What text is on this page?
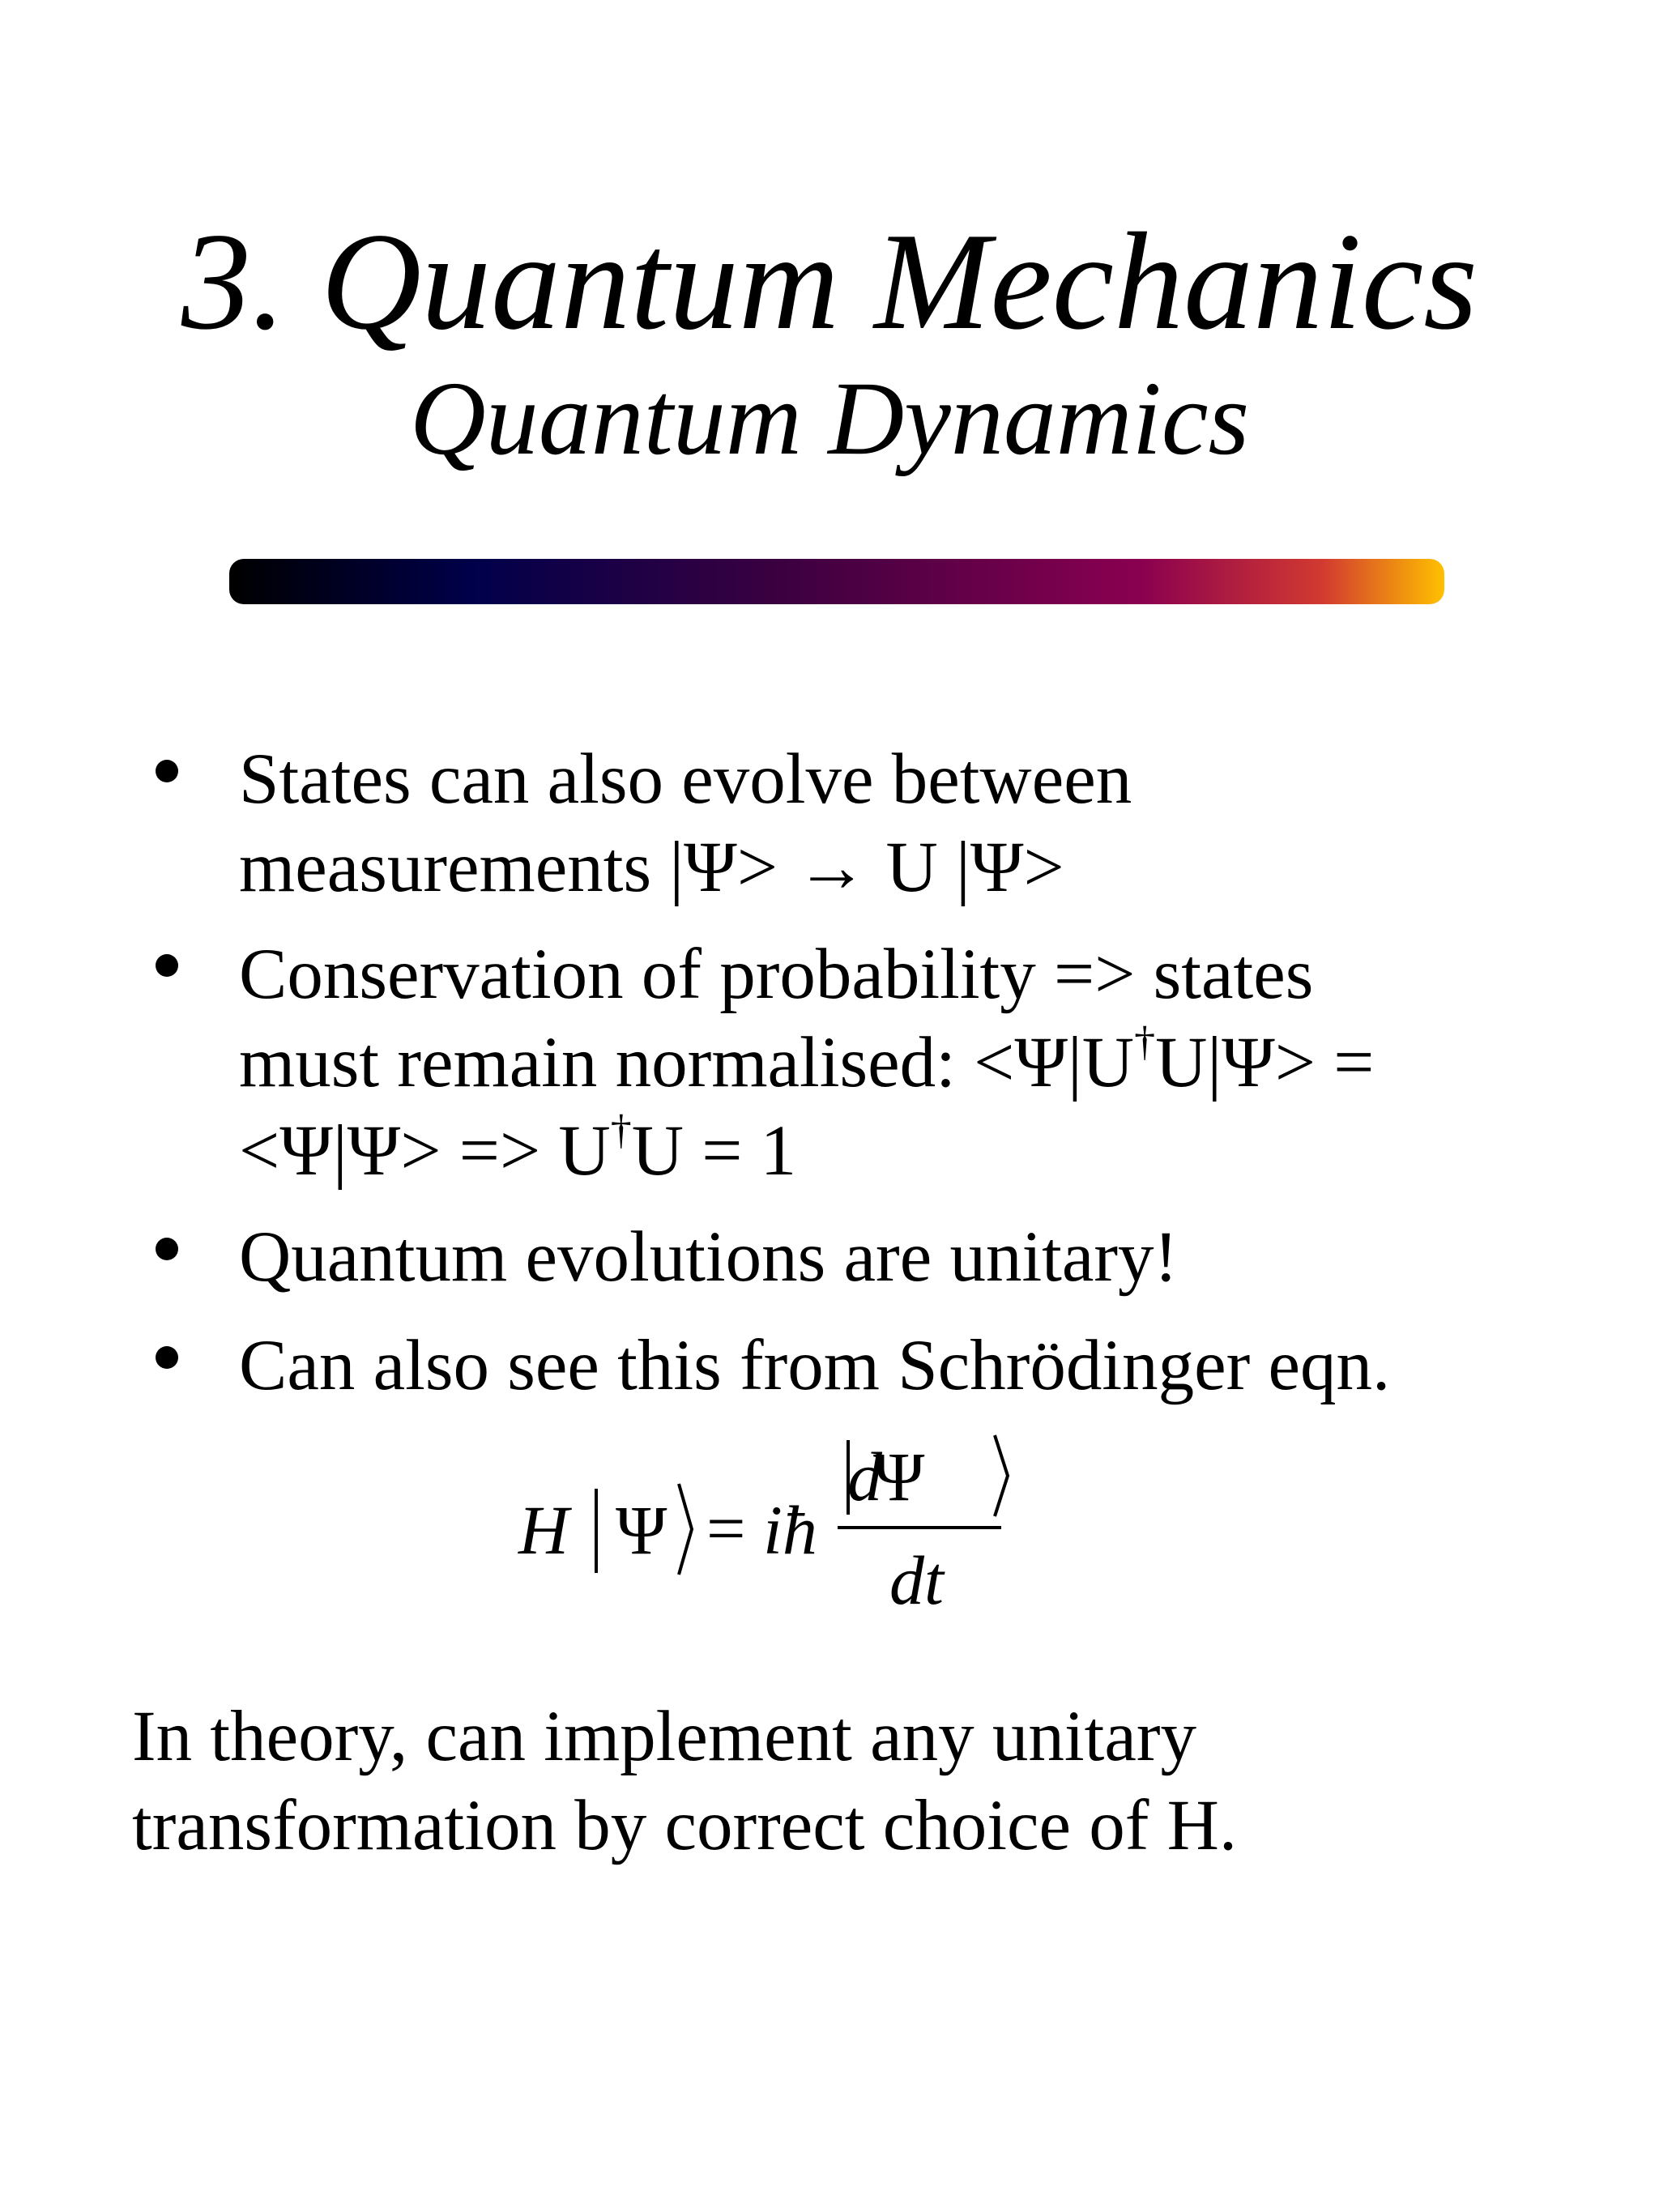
3. Quantum Mechanics
Quantum Dynamics
States can also evolve between
measurements |Ψ> → U |Ψ>
Conservation of probability => states
must remain normalised: <Ψ|U†U|Ψ> =
<Ψ|Ψ> => U†U = 1
Quantum evolutions are unitary!
Can also see this from Schrödinger eqn.
H Ψ = iħ
d
Ψ
dt
In theory, can implement any unitary
transformation by correct choice of H.
